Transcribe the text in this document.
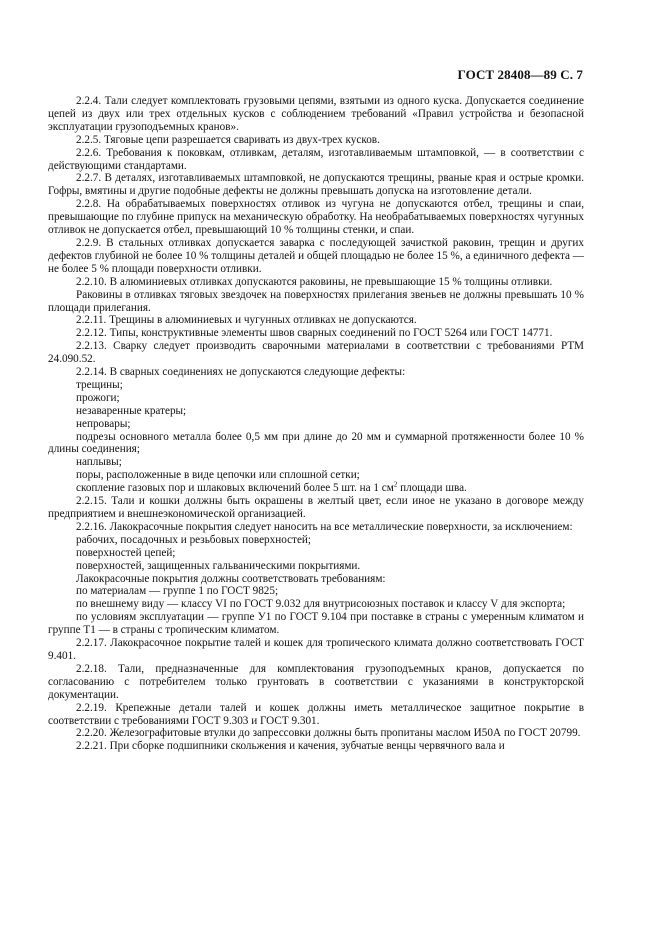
ГОСТ 28408—89 С. 7

2.2.4. Тали следует комплектовать грузовыми цепями, взятыми из одного куска. Допускается соединение цепей из двух или трех отдельных кусков с соблюдением требований «Правил устройства и безопасной эксплуатации грузоподъемных кранов».

2.2.5. Тяговые цепи разрешается сваривать из двух-трех кусков.

2.2.6. Требования к поковкам, отливкам, деталям, изготавливаемым штамповкой, — в соответствии с действующими стандартами.

2.2.7. В деталях, изготавливаемых штамповкой, не допускаются трещины, рваные края и острые кромки. Гофры, вмятины и другие подобные дефекты не должны превышать допуска на изготовление детали.

2.2.8. На обрабатываемых поверхностях отливок из чугуна не допускаются отбел, трещины и спаи, превышающие по глубине припуск на механическую обработку. На необрабатываемых поверхностях чугунных отливок не допускается отбел, превышающий 10 % толщины стенки, и спаи.

2.2.9. В стальных отливках допускается заварка с последующей зачисткой раковин, трещин и других дефектов глубиной не более 10 % толщины деталей и общей площадью не более 15 %, а единичного дефекта — не более 5 % площади поверхности отливки.

2.2.10. В алюминиевых отливках допускаются раковины, не превышающие 15 % толщины отливки.

Раковины в отливках тяговых звездочек на поверхностях прилегания звеньев не должны превышать 10 % площади прилегания.

2.2.11. Трещины в алюминиевых и чугунных отливках не допускаются.

2.2.12. Типы, конструктивные элементы швов сварных соединений по ГОСТ 5264 или ГОСТ 14771.

2.2.13. Сварку следует производить сварочными материалами в соответствии с требованиями РТМ 24.090.52.

2.2.14. В сварных соединениях не допускаются следующие дефекты:

трещины;

прожоги;

незаваренные кратеры;

непровары;

подрезы основного металла более 0,5 мм при длине до 20 мм и суммарной протяженности более 10 % длины соединения;

наплывы;

поры, расположенные в виде цепочки или сплошной сетки;

скопление газовых пор и шлаковых включений более 5 шт. на 1 $см^2$ площади шва.

2.2.15. Тали и кошки должны быть окрашены в желтый цвет, если иное не указано в договоре между предприятием и внешнеэкономической организацией.

2.2.16. Лакокрасочные покрытия следует наносить на все металлические поверхности, за исключением:

рабочих, посадочных и резьбовых поверхностей;

поверхностей цепей;

поверхностей, защищенных гальваническими покрытиями.

Лакокрасочные покрытия должны соответствовать требованиям:

по материалам — группе 1 по ГОСТ 9825;

по внешнему виду — классу VI по ГОСТ 9.032 для внутрисоюзных поставок и классу V для экспорта;

по условиям эксплуатации — группе У1 по ГОСТ 9.104 при поставке в страны с умеренным климатом и группе Т1 — в страны с тропическим климатом.

2.2.17. Лакокрасочное покрытие талей и кошек для тропического климата должно соответствовать ГОСТ 9.401.

2.2.18. Тали, предназначенные для комплектования грузоподъемных кранов, допускается по согласованию с потребителем только грунтовать в соответствии с указаниями в конструкторской документации.

2.2.19. Крепежные детали талей и кошек должны иметь металлическое защитное покрытие в соответствии с требованиями ГОСТ 9.303 и ГОСТ 9.301.

2.2.20. Железографитовые втулки до запрессовки должны быть пропитаны маслом И50А по ГОСТ 20799.

2.2.21. При сборке подшипники скольжения и качения, зубчатые венцы червячного вала и
